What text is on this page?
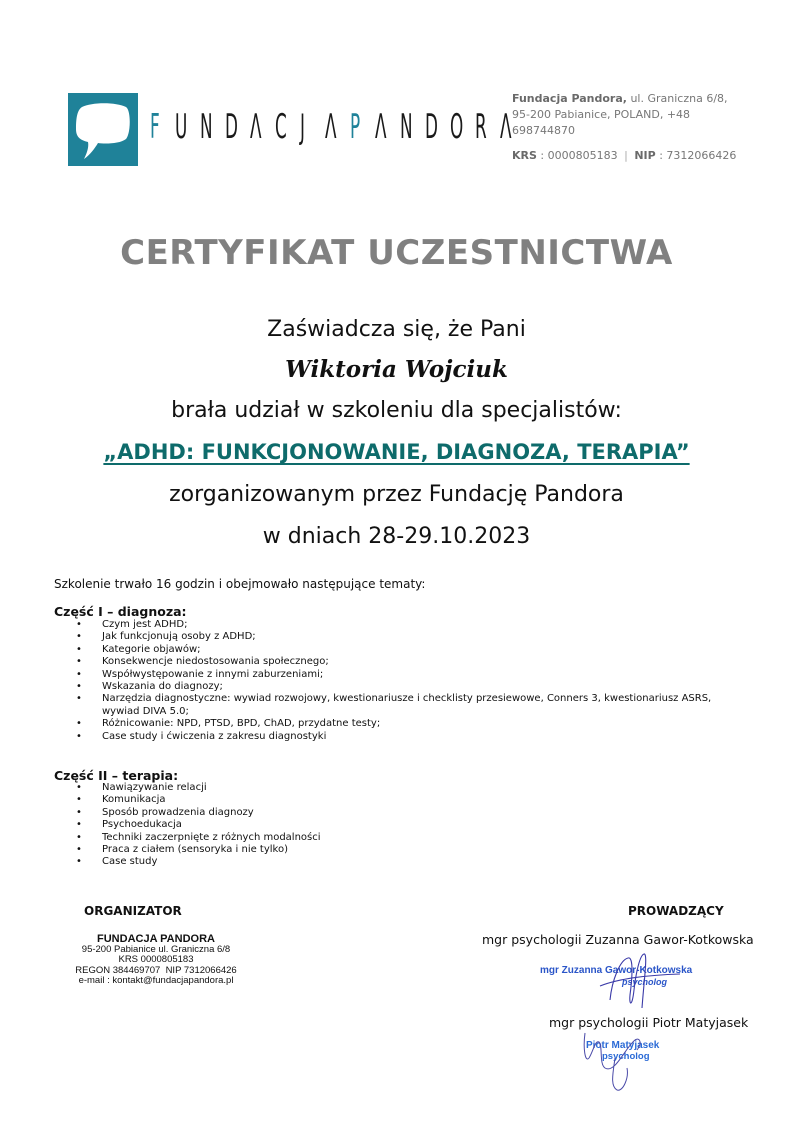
F U N D Λ C J Λ P Λ N D O R Λ
Fundacja Pandora, ul. Graniczna 6/8,
95-200 Pabianice, POLAND, +48
698744870
KRS : 0000805183 | NIP : 7312066426
CERTYFIKAT UCZESTNICTWA
Zaświadcza się, że Pani
Wiktoria Wojciuk
brała udział w szkoleniu dla specjalistów:
„ADHD: FUNKCJONOWANIE, DIAGNOZA, TERAPIA”
zorganizowanym przez Fundację Pandora
w dniach 28-29.10.2023
Szkolenie trwało 16 godzin i obejmowało następujące tematy:
Część I – diagnoza:
• Czym jest ADHD;
• Jak funkcjonują osoby z ADHD;
• Kategorie objawów;
• Konsekwencje niedostosowania społecznego;
• Współwystępowanie z innymi zaburzeniami;
• Wskazania do diagnozy;
• Narzędzia diagnostyczne: wywiad rozwojowy, kwestionariusze i checklisty przesiewowe, Conners 3, kwestionariusz ASRS, wywiad DIVA 5.0;
• Różnicowanie: NPD, PTSD, BPD, ChAD, przydatne testy;
• Case study i ćwiczenia z zakresu diagnostyki
Część II – terapia:
• Nawiązywanie relacji
• Komunikacja
• Sposób prowadzenia diagnozy
• Psychoedukacja
• Techniki zaczerpnięte z różnych modalności
• Praca z ciałem (sensoryka i nie tylko)
• Case study
ORGANIZATOR
FUNDACJA PANDORA
95-200 Pabianice ul. Graniczna 6/8
KRS 0000805183
REGON 384469707  NIP 7312066426
e-mail : kontakt@fundacjapandora.pl
PROWADZĄCY
mgr psychologii Zuzanna Gawor-Kotkowska
mgr Zuzanna Gawor-Kotkowska
psycholog
mgr psychologii Piotr Matyjasek
Piotr Matyjasek
psycholog
